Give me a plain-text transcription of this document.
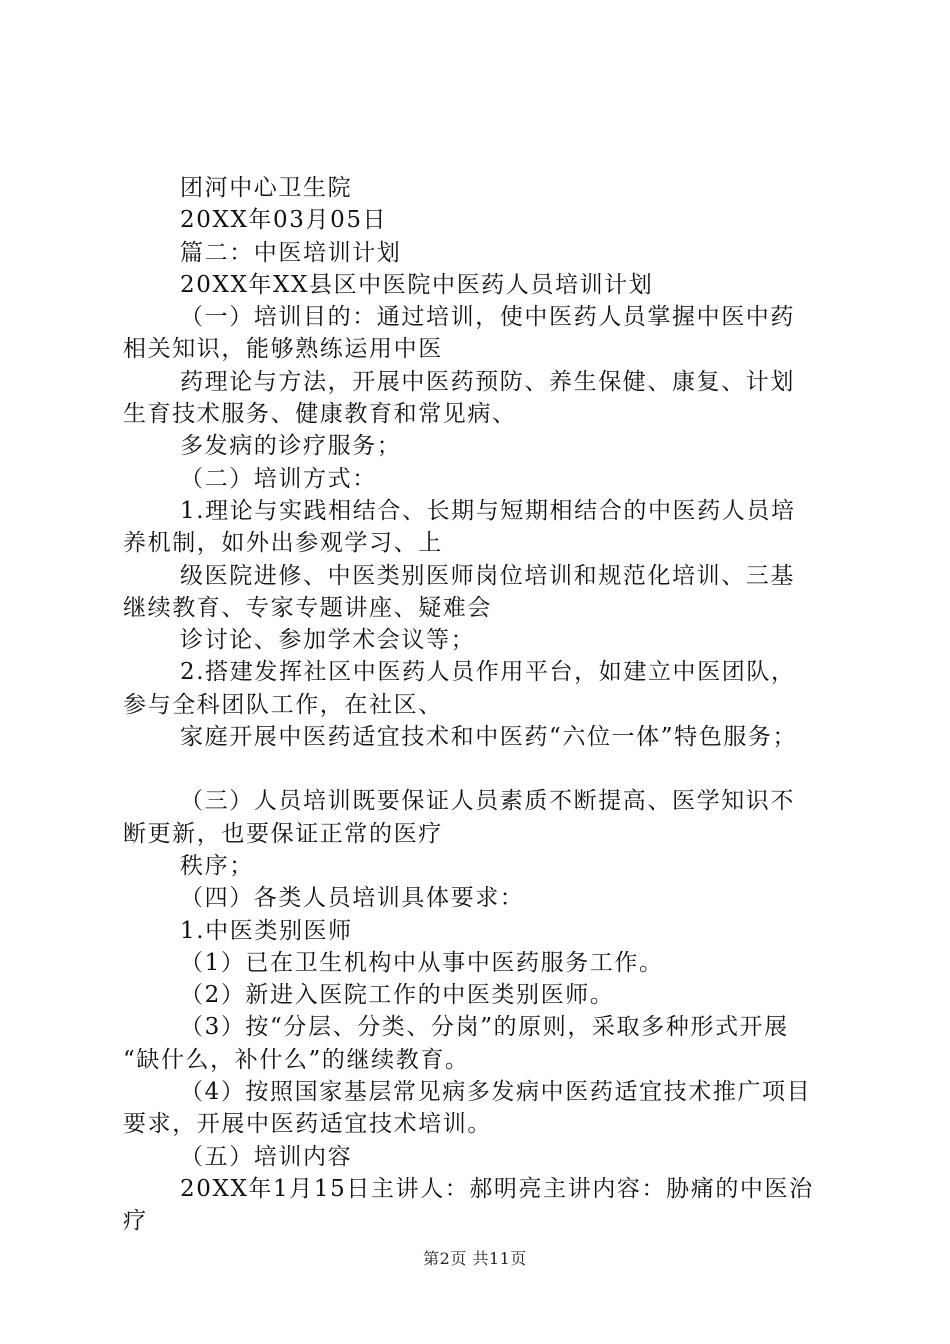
团河中心卫生院
20XX年03月05日
篇二：中医培训计划
20XX年XX县区中医院中医药人员培训计划
（一）培训目的：通过培训，使中医药人员掌握中医中药
相关知识，能够熟练运用中医
药理论与方法，开展中医药预防、养生保健、康复、计划
生育技术服务、健康教育和常见病、
多发病的诊疗服务；
（二）培训方式：
1.理论与实践相结合、长期与短期相结合的中医药人员培
养机制，如外出参观学习、上
级医院进修、中医类别医师岗位培训和规范化培训、三基
继续教育、专家专题讲座、疑难会
诊讨论、参加学术会议等；
2.搭建发挥社区中医药人员作用平台，如建立中医团队，
参与全科团队工作，在社区、
家庭开展中医药适宜技术和中医药“六位一体”特色服务；
（三）人员培训既要保证人员素质不断提高、医学知识不
断更新，也要保证正常的医疗
秩序；
（四）各类人员培训具体要求：
1.中医类别医师
（1）已在卫生机构中从事中医药服务工作。
（2）新进入医院工作的中医类别医师。
（3）按“分层、分类、分岗”的原则，采取多种形式开展
“缺什么，补什么”的继续教育。
（4）按照国家基层常见病多发病中医药适宜技术推广项目
要求，开展中医药适宜技术培训。
（五）培训内容
20XX年1月15日主讲人：郝明亮主讲内容：胁痛的中医治
疗
第2页 共11页
